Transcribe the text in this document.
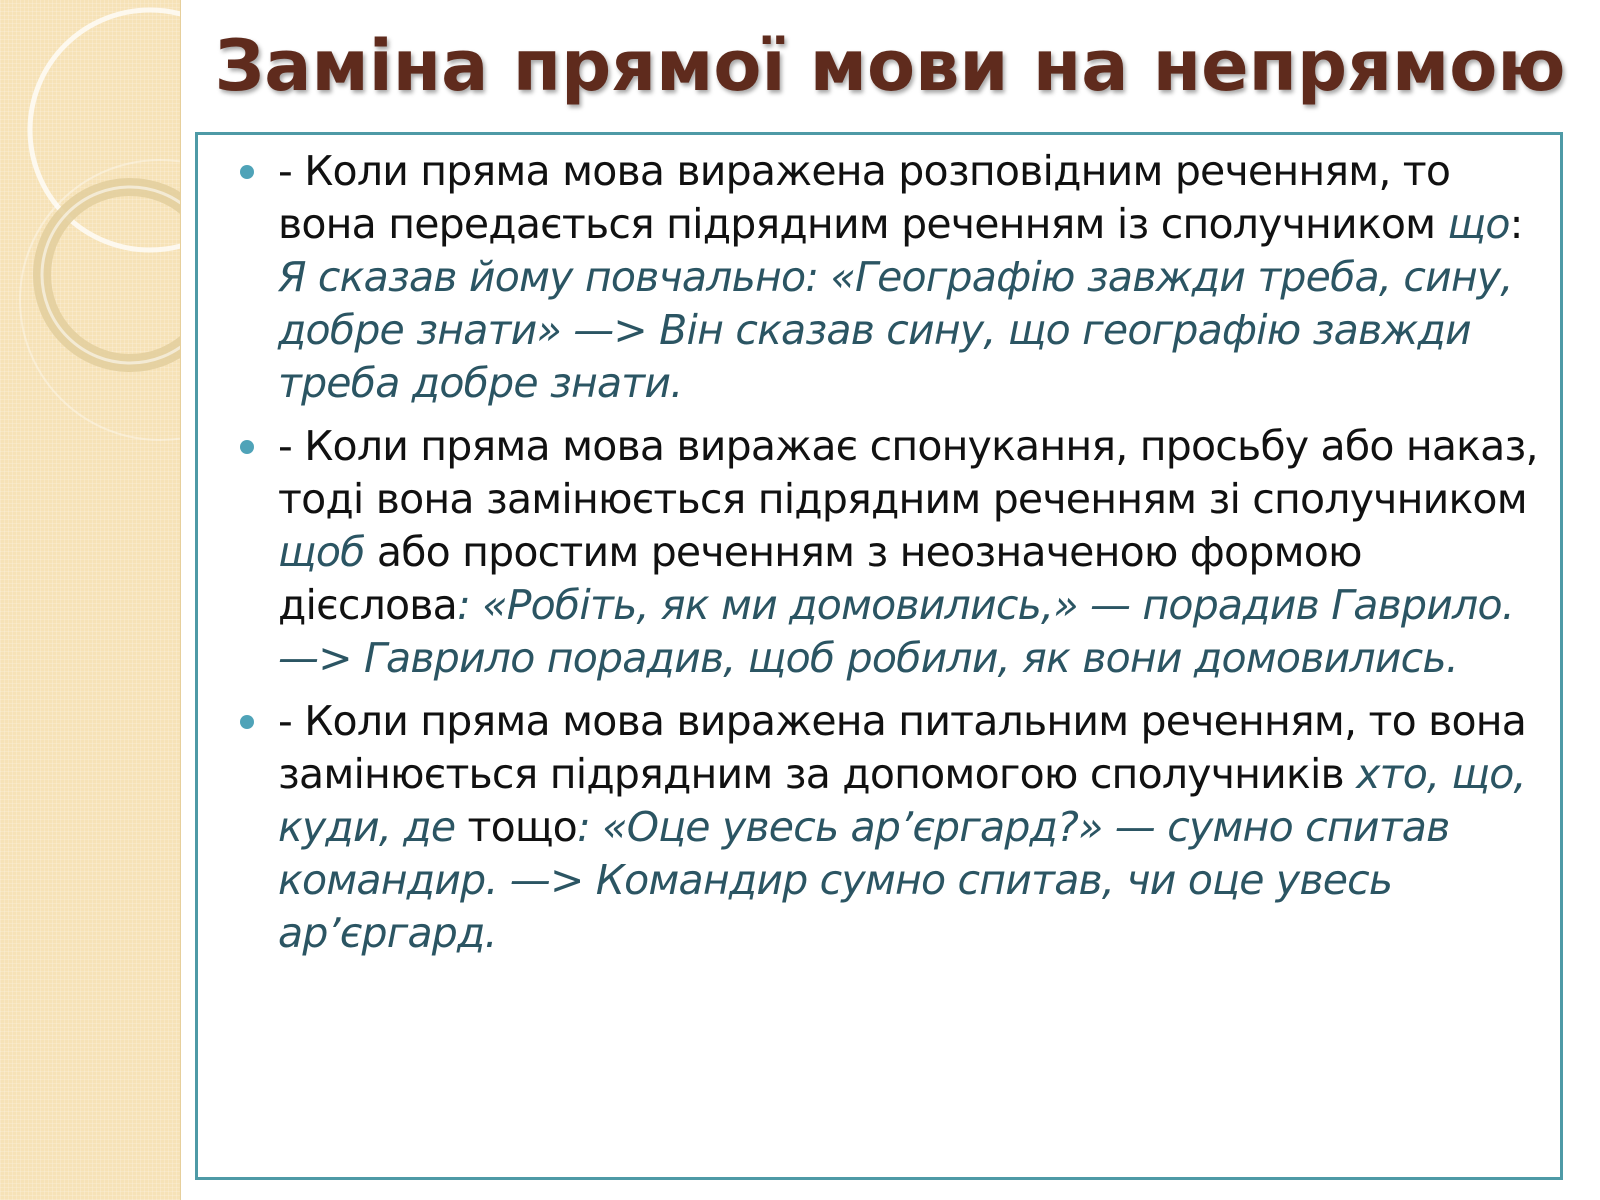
Заміна прямої мови на непрямою
- Коли пряма мова виражена розповідним реченням, то вона передається підрядним реченням із сполучником що: Я сказав йому повчально: «Географію завжди треба, сину, добре знати» —> Він сказав сину, що географію завжди треба добре знати.
- Коли пряма мова виражає спонукання, просьбу або наказ, тоді вона замінюється підрядним реченням зі сполучником щоб або простим реченням з неозначеною формою дієслова: «Робіть, як ми домовились,» — порадив Гаврило. —> Гаврило порадив, щоб робили, як вони домовились.
- Коли пряма мова виражена питальним реченням, то вона замінюється підрядним за допомогою сполучників хто, що, куди, де тощо: «Оце увесь ар’єргард?» — сумно спитав командир. —> Командир сумно спитав, чи оце увесь ар’єргард.
